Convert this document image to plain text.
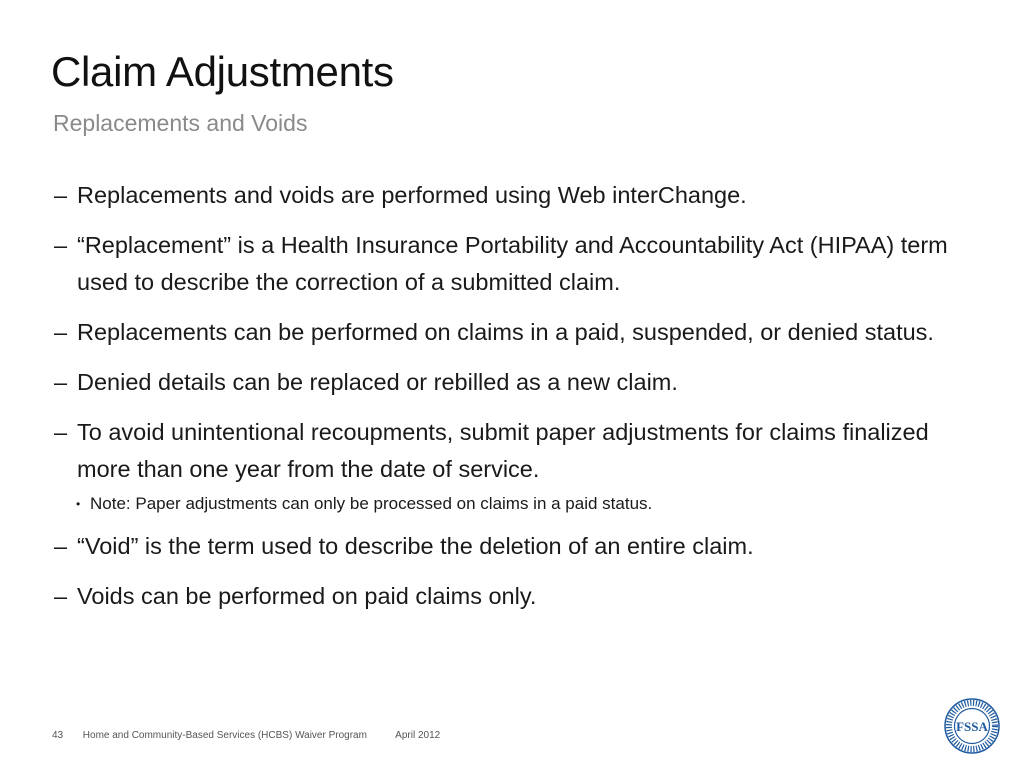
Claim Adjustments
Replacements and Voids
– Replacements and voids are performed using Web interChange.
– “Replacement” is a Health Insurance Portability and Accountability Act (HIPAA) term used to describe the correction of a submitted claim.
– Replacements can be performed on claims in a paid, suspended, or denied status.
– Denied details can be replaced or rebilled as a new claim.
– To avoid unintentional recoupments, submit paper adjustments for claims finalized more than one year from the date of service.
• Note: Paper adjustments can only be processed on claims in a paid status.
– “Void” is the term used to describe the deletion of an entire claim.
– Voids can be performed on paid claims only.
43 Home and Community-Based Services (HCBS) Waiver Program	April 2012
FSSA
